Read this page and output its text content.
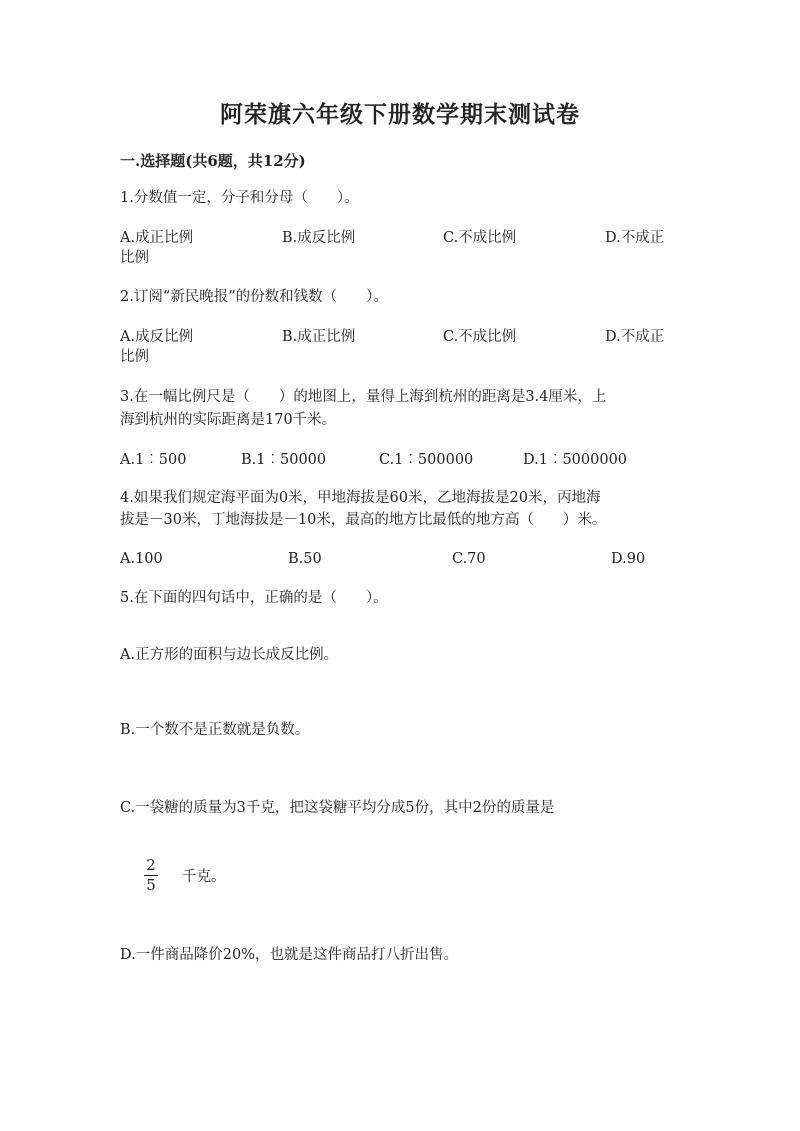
阿荣旗六年级下册数学期末测试卷
一.选择题(共6题，共12分)
1.分数值一定，分子和分母（　　）。
A.成正比例	B.成反比例	C.不成比例	D.不成正
比例
2.订阅“新民晚报”的份数和钱数（　　）。
A.成反比例	B.成正比例	C.不成比例	D.不成正
比例
3.在一幅比例尺是（　　）的地图上，量得上海到杭州的距离是3.4厘米，上
海到杭州的实际距离是170千米。
A.1︰500	B.1︰50000	C.1︰500000	D.1︰5000000
4.如果我们规定海平面为0米，甲地海拔是60米，乙地海拔是20米，丙地海
拔是－30米，丁地海拔是－10米，最高的地方比最低的地方高（　　）米。
A.100	B.50	C.70	D.90
5.在下面的四句话中，正确的是（　　）。
A.正方形的面积与边长成反比例。
B.一个数不是正数就是负数。
C.一袋糖的质量为3千克，把这袋糖平均分成5份，其中2份的质量是
2
5 千克。
D.一件商品降价20%，也就是这件商品打八折出售。
